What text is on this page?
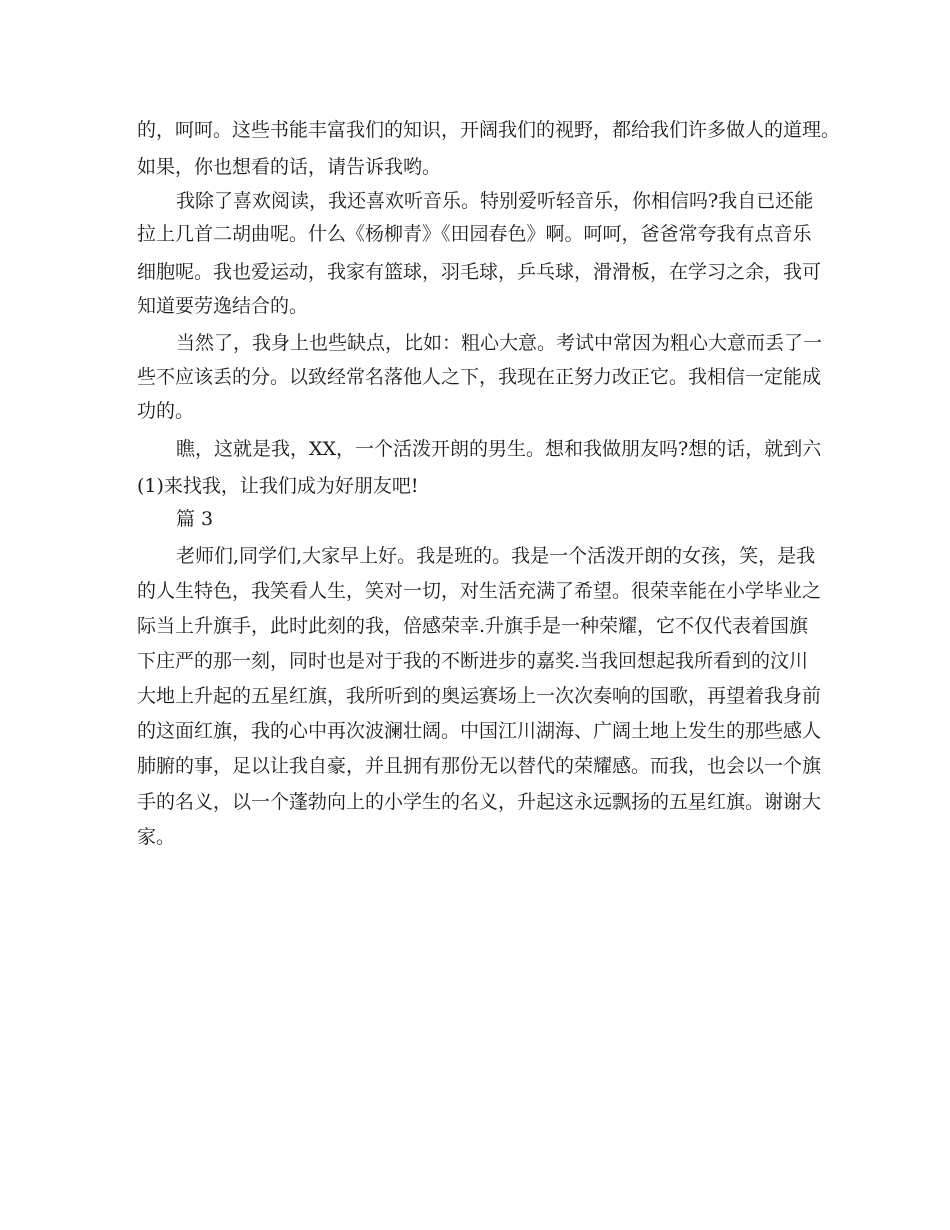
的，呵呵。这些书能丰富我们的知识，开阔我们的视野，都给我们许多做人的道理。

如果，你也想看的话，请告诉我哟。

我除了喜欢阅读，我还喜欢听音乐。特别爱听轻音乐，你相信吗?我自已还能

拉上几首二胡曲呢。什么《杨柳青》《田园春色》啊。呵呵，爸爸常夸我有点音乐

细胞呢。我也爱运动，我家有篮球，羽毛球，乒乓球，滑滑板，在学习之余，我可

知道要劳逸结合的。

当然了，我身上也些缺点，比如：粗心大意。考试中常因为粗心大意而丢了一

些不应该丢的分。以致经常名落他人之下，我现在正努力改正它。我相信一定能成

功的。

瞧，这就是我，XX，一个活泼开朗的男生。想和我做朋友吗?想的话，就到六

(1)来找我，让我们成为好朋友吧!

篇 3

老师们,同学们,大家早上好。我是班的。我是一个活泼开朗的女孩，笑，是我

的人生特色，我笑看人生，笑对一切，对生活充满了希望。很荣幸能在小学毕业之

际当上升旗手，此时此刻的我，倍感荣幸.升旗手是一种荣耀，它不仅代表着国旗

下庄严的那一刻，同时也是对于我的不断进步的嘉奖.当我回想起我所看到的汶川

大地上升起的五星红旗，我所听到的奥运赛场上一次次奏响的国歌，再望着我身前

的这面红旗，我的心中再次波澜壮阔。中国江川湖海、广阔土地上发生的那些感人

肺腑的事，足以让我自豪，并且拥有那份无以替代的荣耀感。而我，也会以一个旗

手的名义，以一个蓬勃向上的小学生的名义，升起这永远飘扬的五星红旗。谢谢大

家。
